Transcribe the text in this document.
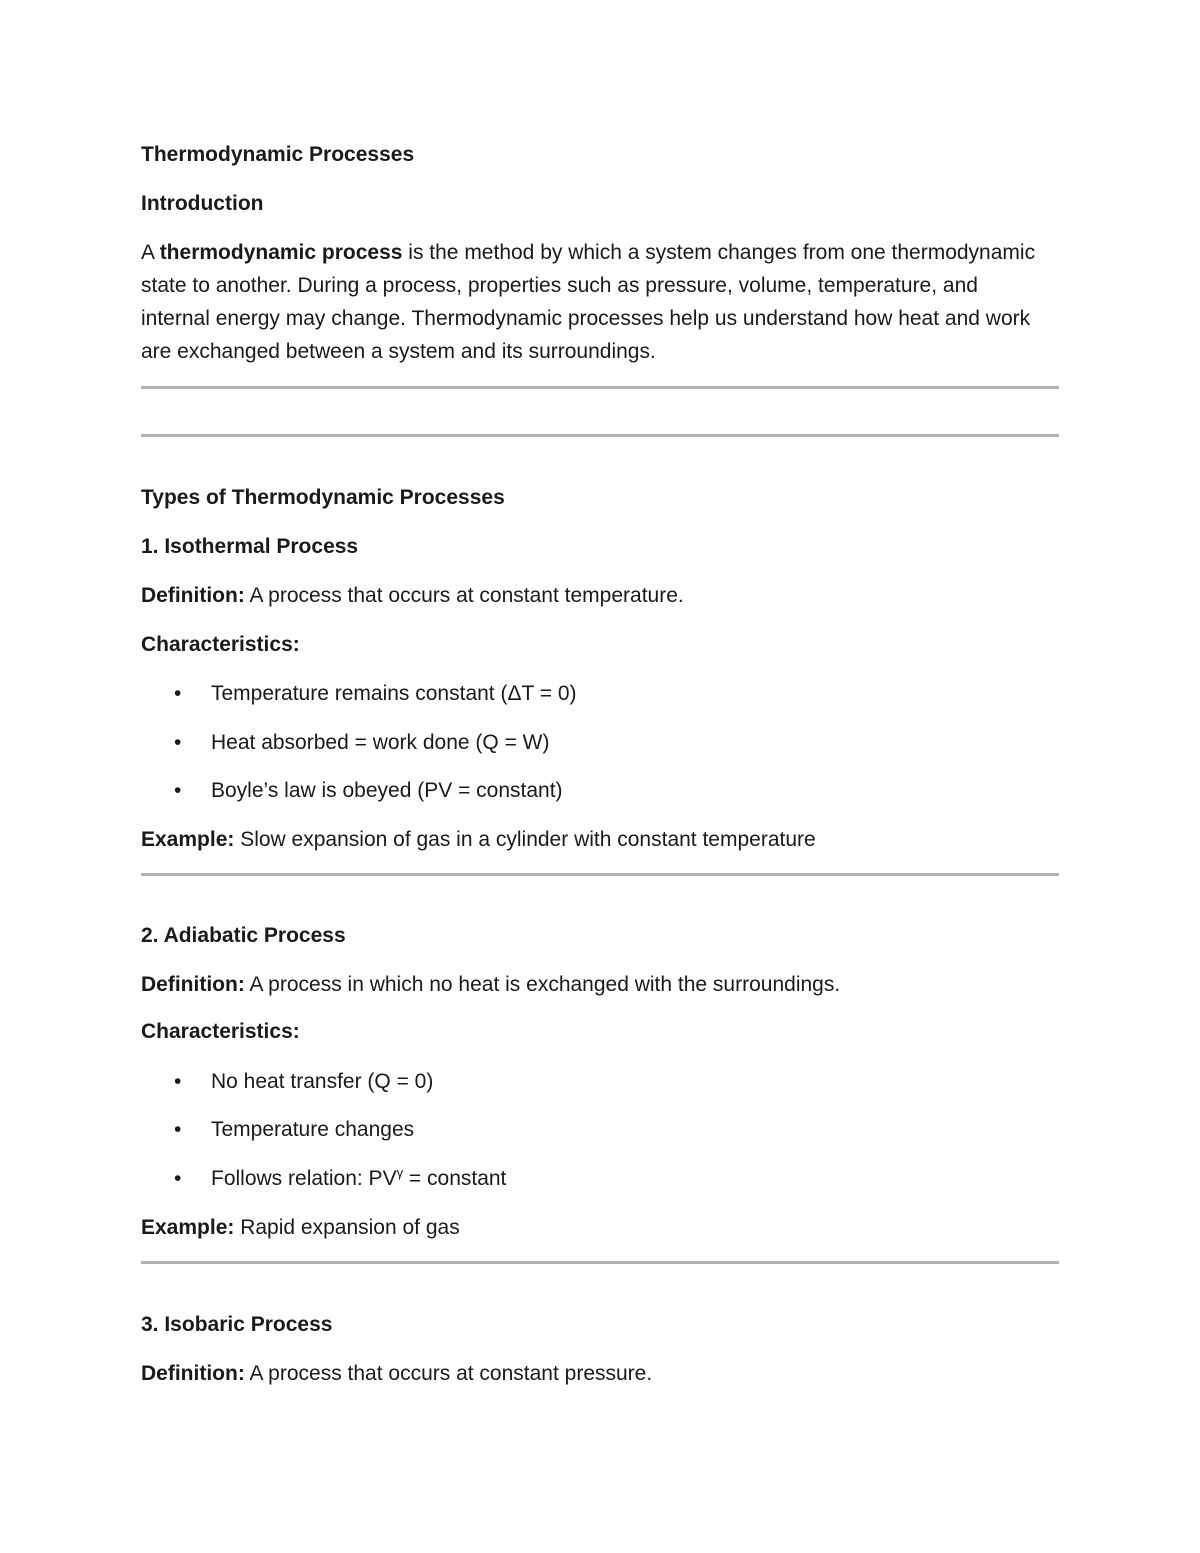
Thermodynamic Processes

Introduction

A thermodynamic process is the method by which a system changes from one thermodynamic

state to another. During a process, properties such as pressure, volume, temperature, and

internal energy may change. Thermodynamic processes help us understand how heat and work

are exchanged between a system and its surroundings.

Types of Thermodynamic Processes

1. Isothermal Process

Definition: A process that occurs at constant temperature.

Characteristics:

• Temperature remains constant (ΔT = 0)
• Heat absorbed = work done (Q = W)
• Boyle’s law is obeyed (PV = constant)

Example: Slow expansion of gas in a cylinder with constant temperature

2. Adiabatic Process

Definition: A process in which no heat is exchanged with the surroundings.

Characteristics:

• No heat transfer (Q = 0)
• Temperature changes
• Follows relation: $PV^\gamma$ = constant

Example: Rapid expansion of gas

3. Isobaric Process

Definition: A process that occurs at constant pressure.
